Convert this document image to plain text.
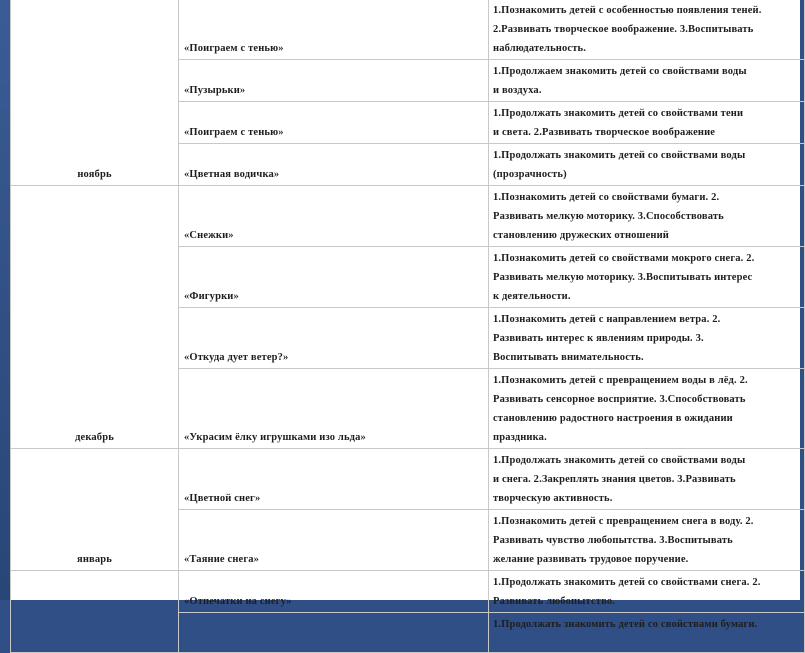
ноябрь	«Поиграем с тенью»	1.Познакомить детей с особенностью появления теней.
2.Развивать творческое воображение. 3.Воспитывать
наблюдательность.
	«Пузырьки»	1.Продолжаем знакомить детей со свойствами воды
и воздуха.
	«Поиграем с тенью»	1.Продолжать знакомить детей со свойствами тени
и света. 2.Развивать творческое воображение
	«Цветная водичка»	1.Продолжать знакомить детей со свойствами воды
(прозрачность)
декабрь	«Снежки»	1.Познакомить детей со свойствами бумаги. 2.
Развивать мелкую моторику. 3.Способствовать
становлению дружеских отношений
	«Фигурки»	1.Познакомить детей со свойствами мокрого снега. 2.
Развивать мелкую моторику. 3.Воспитывать интерес
к деятельности.
	«Откуда дует ветер?»	1.Познакомить детей с направлением ветра. 2.
Развивать интерес к явлениям природы. 3.
Воспитывать внимательность.
	«Украсим ёлку игрушками изо льда»	1.Познакомить детей с превращением воды в лёд. 2.
Развивать сенсорное восприятие. 3.Способствовать
становлению радостного настроения в ожидании
праздника.
январь	«Цветной снег»	1.Продолжать знакомить детей со свойствами воды
и снега. 2.Закреплять знания цветов. 3.Развивать
творческую активность.
	«Таяние снега»	1.Познакомить детей с превращением снега в воду. 2.
Развивать чувство любопытства. 3.Воспитывать
желание развивать трудовое поручение.
	«Отпечатки на снегу»	1.Продолжать знакомить детей со свойствами снега. 2.
Развивать любопытство.
		1.Продолжать знакомить детей со свойствами бумаги.
